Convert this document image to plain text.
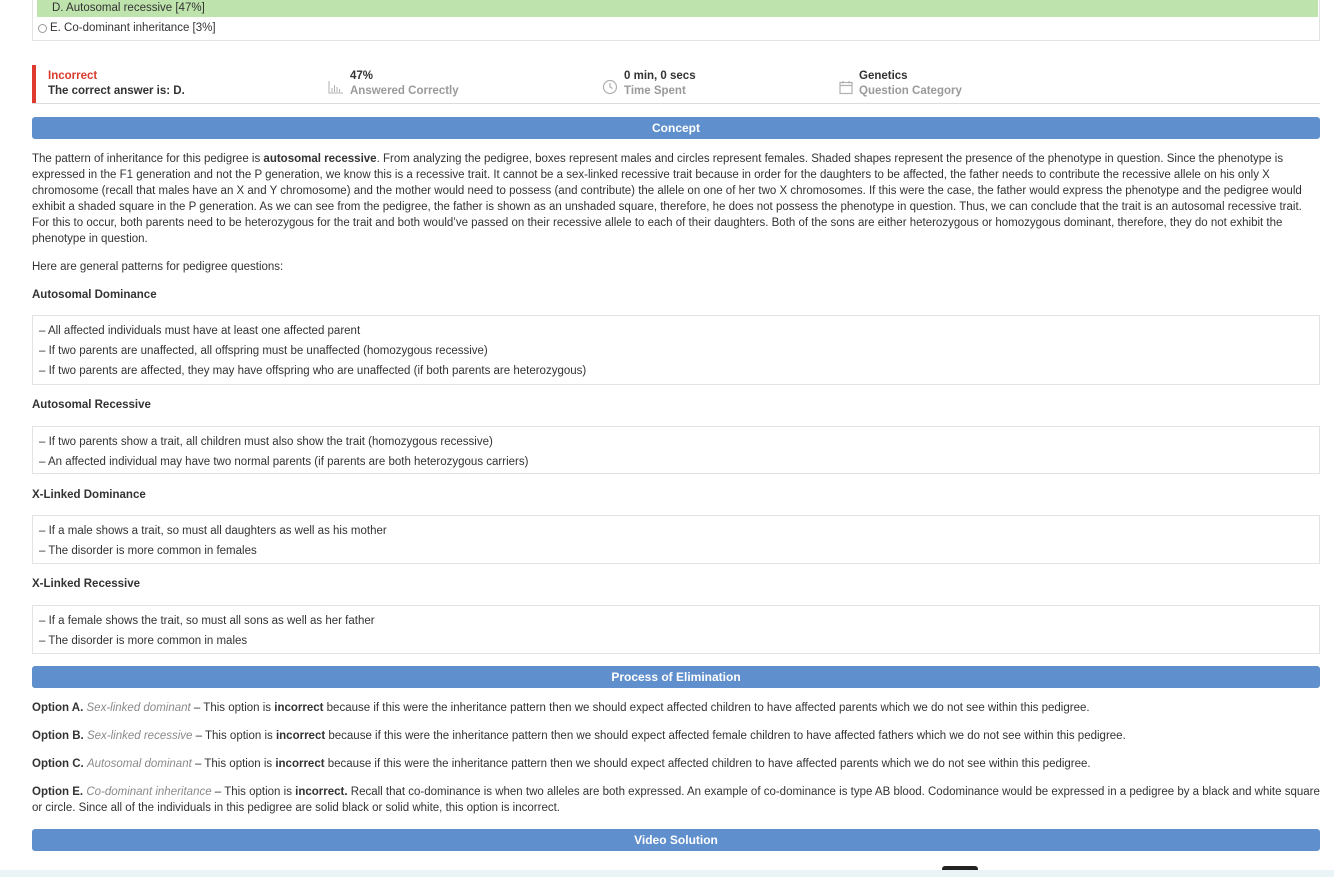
D. Autosomal recessive [47%]
E. Co-dominant inheritance [3%]
Incorrect
The correct answer is: D.
47%
Answered Correctly
0 min, 0 secs
Time Spent
Genetics
Question Category
Concept
The pattern of inheritance for this pedigree is autosomal recessive. From analyzing the pedigree, boxes represent males and circles represent females. Shaded shapes represent the presence of the phenotype in question. Since the phenotype is expressed in the F1 generation and not the P generation, we know this is a recessive trait. It cannot be a sex-linked recessive trait because in order for the daughters to be affected, the father needs to contribute the recessive allele on his only X chromosome (recall that males have an X and Y chromosome) and the mother would need to possess (and contribute) the allele on one of her two X chromosomes. If this were the case, the father would express the phenotype and the pedigree would exhibit a shaded square in the P generation. As we can see from the pedigree, the father is shown as an unshaded square, therefore, he does not possess the phenotype in question. Thus, we can conclude that the trait is an autosomal recessive trait. For this to occur, both parents need to be heterozygous for the trait and both would’ve passed on their recessive allele to each of their daughters. Both of the sons are either heterozygous or homozygous dominant, therefore, they do not exhibit the phenotype in question.
Here are general patterns for pedigree questions:
Autosomal Dominance
– All affected individuals must have at least one affected parent
– If two parents are unaffected, all offspring must be unaffected (homozygous recessive)
– If two parents are affected, they may have offspring who are unaffected (if both parents are heterozygous)
Autosomal Recessive
– If two parents show a trait, all children must also show the trait (homozygous recessive)
– An affected individual may have two normal parents (if parents are both heterozygous carriers)
X-Linked Dominance
– If a male shows a trait, so must all daughters as well as his mother
– The disorder is more common in females
X-Linked Recessive
– If a female shows the trait, so must all sons as well as her father
– The disorder is more common in males
Process of Elimination
Option A. Sex-linked dominant – This option is incorrect because if this were the inheritance pattern then we should expect affected children to have affected parents which we do not see within this pedigree.
Option B. Sex-linked recessive – This option is incorrect because if this were the inheritance pattern then we should expect affected female children to have affected fathers which we do not see within this pedigree.
Option C. Autosomal dominant – This option is incorrect because if this were the inheritance pattern then we should expect affected children to have affected parents which we do not see within this pedigree.
Option E. Co-dominant inheritance – This option is incorrect. Recall that co-dominance is when two alleles are both expressed. An example of co-dominance is type AB blood. Codominance would be expressed in a pedigree by a black and white square or circle. Since all of the individuals in this pedigree are solid black or solid white, this option is incorrect.
Video Solution
